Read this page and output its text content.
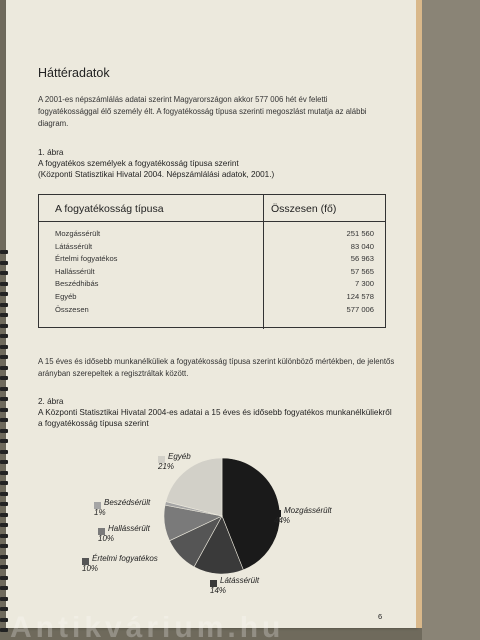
Háttéradatok
A 2001-es népszámlálás adatai szerint Magyarországon akkor 577 006 hét év feletti fogyatékossággal élő személy élt. A fogyatékosság típusa szerinti megoszlást mutatja az alábbi diagram.
1. ábra
A fogyatékos személyek a fogyatékosság típusa szerint
(Központi Statisztikai Hivatal 2004. Népszámlálási adatok, 2001.)
A fogyatékosság típusa	Összesen (fő)
Mozgássérült	251 560
Látássérült	83 040
Értelmi fogyatékos	56 963
Hallássérült	57 565
Beszédhibás	7 300
Egyéb	124 578
Összesen	577 006
A 15 éves és idősebb munkanélküliek a fogyatékosság típusa szerint különböző mértékben, de jelentős arányban szerepeltek a regisztráltak között.
2. ábra
A Központi Statisztikai Hivatal 2004-es adatai a 15 éves és idősebb fogyatékos munkanélküliekről a fogyatékosság típusa szerint
Mozgássérült
44%
Látássérült
14%
Értelmi fogyatékos
10%
Hallássérült
10%
Beszédsérült
1%
Egyéb
21%
6
Antikvárium.hu
